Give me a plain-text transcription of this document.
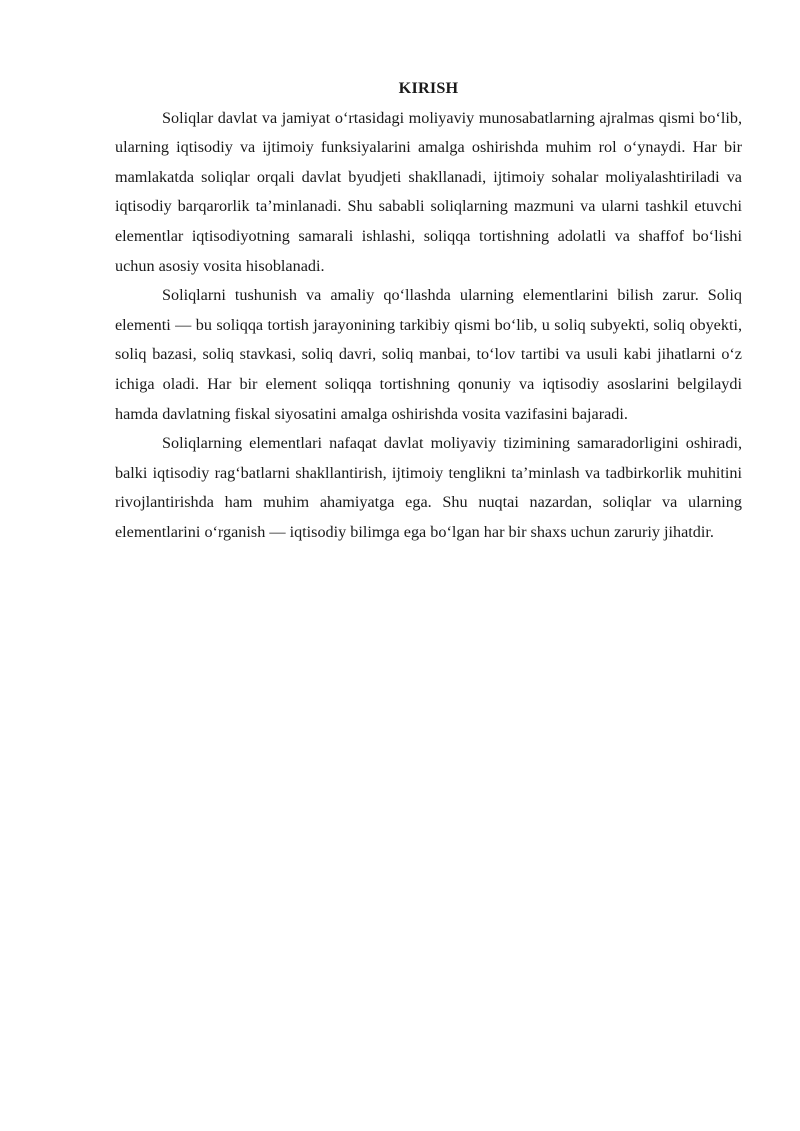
KIRISH

Soliqlar davlat va jamiyat o‘rtasidagi moliyaviy munosabatlarning ajralmas qismi bo‘lib, ularning iqtisodiy va ijtimoiy funksiyalarini amalga oshirishda muhim rol o‘ynaydi. Har bir mamlakatda soliqlar orqali davlat byudjeti shakllanadi, ijtimoiy sohalar moliyalashtiriladi va iqtisodiy barqarorlik ta’minlanadi. Shu sababli soliqlarning mazmuni va ularni tashkil etuvchi elementlar iqtisodiyotning samarali ishlashi, soliqqa tortishning adolatli va shaffof bo‘lishi uchun asosiy vosita hisoblanadi.

Soliqlarni tushunish va amaliy qo‘llashda ularning elementlarini bilish zarur. Soliq elementi — bu soliqqa tortish jarayonining tarkibiy qismi bo‘lib, u soliq subyekti, soliq obyekti, soliq bazasi, soliq stavkasi, soliq davri, soliq manbai, to‘lov tartibi va usuli kabi jihatlarni o‘z ichiga oladi. Har bir element soliqqa tortishning qonuniy va iqtisodiy asoslarini belgilaydi hamda davlatning fiskal siyosatini amalga oshirishda vosita vazifasini bajaradi.

Soliqlarning elementlari nafaqat davlat moliyaviy tizimining samaradorligini oshiradi, balki iqtisodiy rag‘batlarni shakllantirish, ijtimoiy tenglikni ta’minlash va tadbirkorlik muhitini rivojlantirishda ham muhim ahamiyatga ega. Shu nuqtai nazardan, soliqlar va ularning elementlarini o‘rganish — iqtisodiy bilimga ega bo‘lgan har bir shaxs uchun zaruriy jihatdir.
